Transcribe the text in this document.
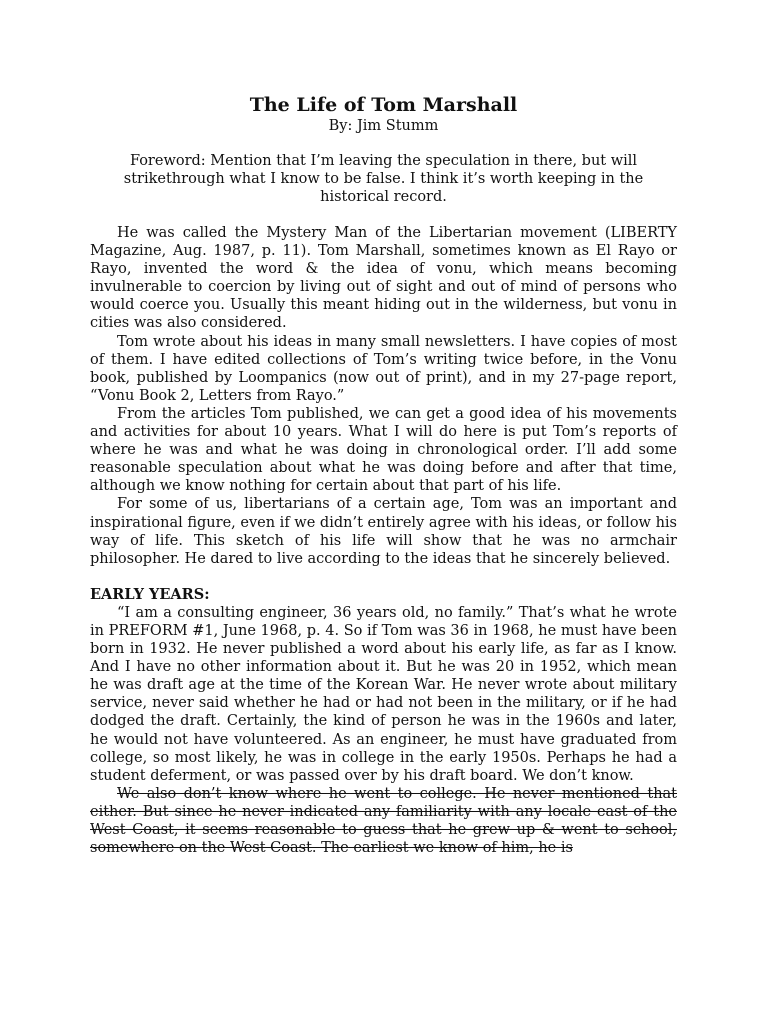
The Life of Tom Marshall

By: Jim Stumm

Foreword: Mention that I’m leaving the speculation in there, but will strikethrough what I know to be false. I think it’s worth keeping in the historical record.

He was called the Mystery Man of the Libertarian movement (LIBERTY Magazine, Aug. 1987, p. 11). Tom Marshall, sometimes known as El Rayo or Rayo, invented the word & the idea of vonu, which means becoming invulnerable to coercion by living out of sight and out of mind of persons who would coerce you. Usually this meant hiding out in the wilderness, but vonu in cities was also considered.

Tom wrote about his ideas in many small newsletters. I have copies of most of them. I have edited collections of Tom’s writing twice before, in the Vonu book, published by Loompanics (now out of print), and in my 27-page report, “Vonu Book 2, Letters from Rayo.”

From the articles Tom published, we can get a good idea of his movements and activities for about 10 years. What I will do here is put Tom’s reports of where he was and what he was doing in chronological order. I’ll add some reasonable speculation about what he was doing before and after that time, although we know nothing for certain about that part of his life.

For some of us, libertarians of a certain age, Tom was an important and inspirational figure, even if we didn’t entirely agree with his ideas, or follow his way of life. This sketch of his life will show that he was no armchair philosopher. He dared to live according to the ideas that he sincerely believed.

EARLY YEARS:

“I am a consulting engineer, 36 years old, no family.” That’s what he wrote in PREFORM #1, June 1968, p. 4. So if Tom was 36 in 1968, he must have been born in 1932. He never published a word about his early life, as far as I know. And I have no other information about it. But he was 20 in 1952, which mean he was draft age at the time of the Korean War. He never wrote about military service, never said whether he had or had not been in the military, or if he had dodged the draft. Certainly, the kind of person he was in the 1960s and later, he would not have volunteered. As an engineer, he must have graduated from college, so most likely, he was in college in the early 1950s. Perhaps he had a student deferment, or was passed over by his draft board. We don’t know.

We also don’t know where he went to college. He never mentioned that either. But since he never indicated any familiarity with any locale east of the West Coast, it seems reasonable to guess that he grew up & went to school, somewhere on the West Coast. The earliest we know of him, he is
